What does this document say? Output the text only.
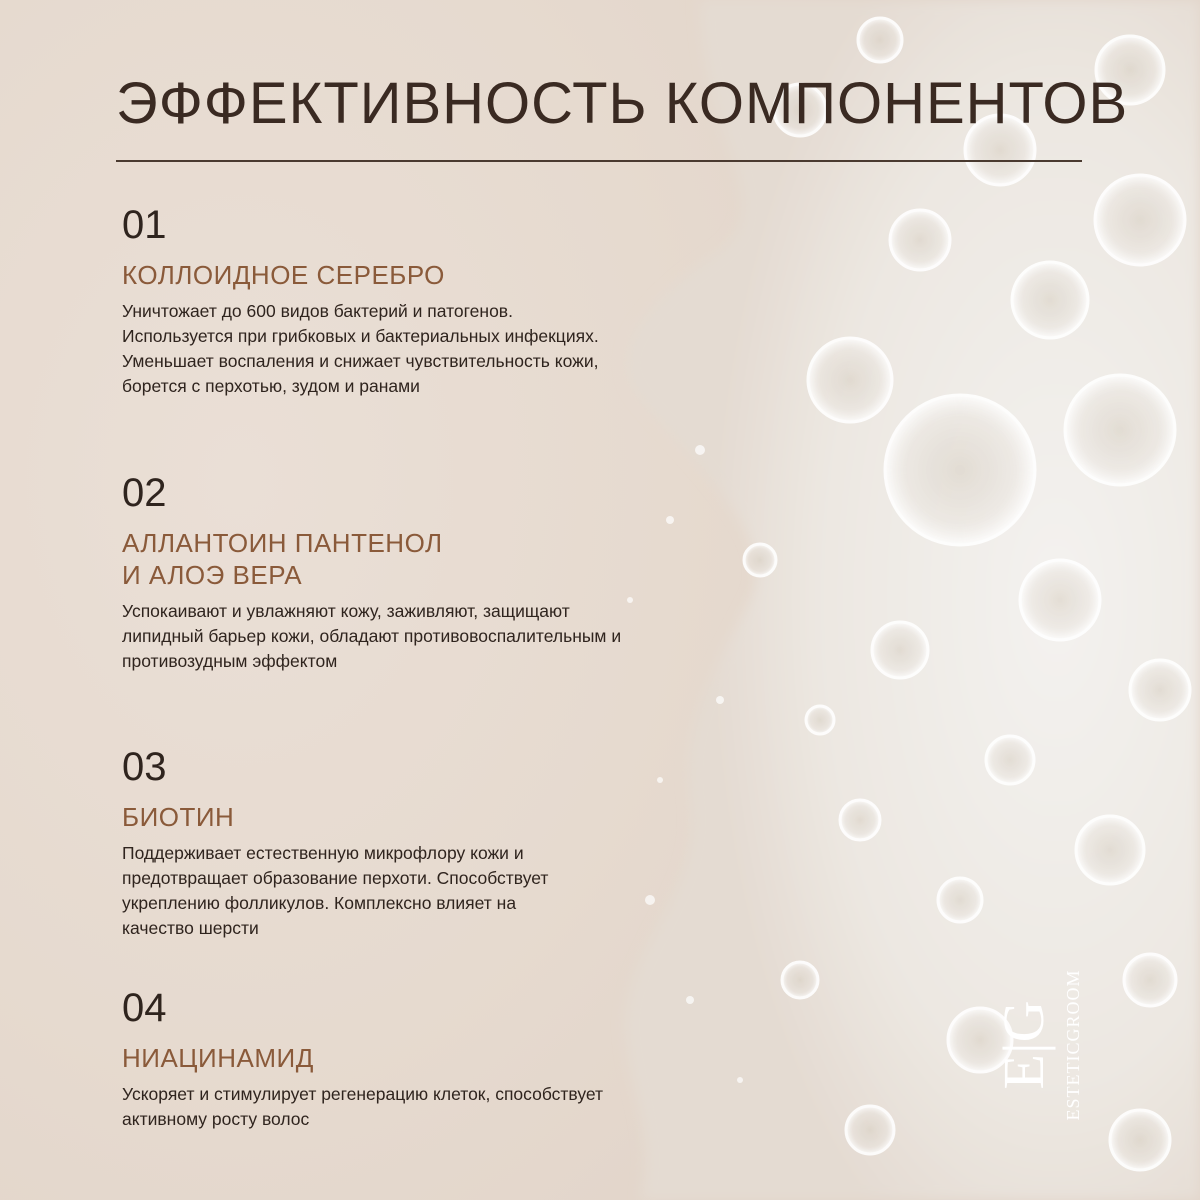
ЭФФЕКТИВНОСТЬ КОМПОНЕНТОВ
01
КОЛЛОИДНОЕ СЕРЕБРО
Уничтожает до 600 видов бактерий и патогенов.
Используется при грибковых и бактериальных инфекциях.
Уменьшает воспаления и снижает чувствительность кожи,
борется с перхотью, зудом и ранами
02
АЛЛАНТОИН ПАНТЕНОЛ
И АЛОЭ ВЕРА
Успокаивают и увлажняют кожу, заживляют, защищают
липидный барьер кожи, обладают противовоспалительным и
противозудным эффектом
03
БИОТИН
Поддерживает естественную микрофлору кожи и
предотвращает образование перхоти. Способствует
укреплению фолликулов. Комплексно влияет на
качество шерсти
04
НИАЦИНАМИД
Ускоряет и стимулирует регенерацию клеток, способствует
активному росту волос
E|G ESTETICGROOM
